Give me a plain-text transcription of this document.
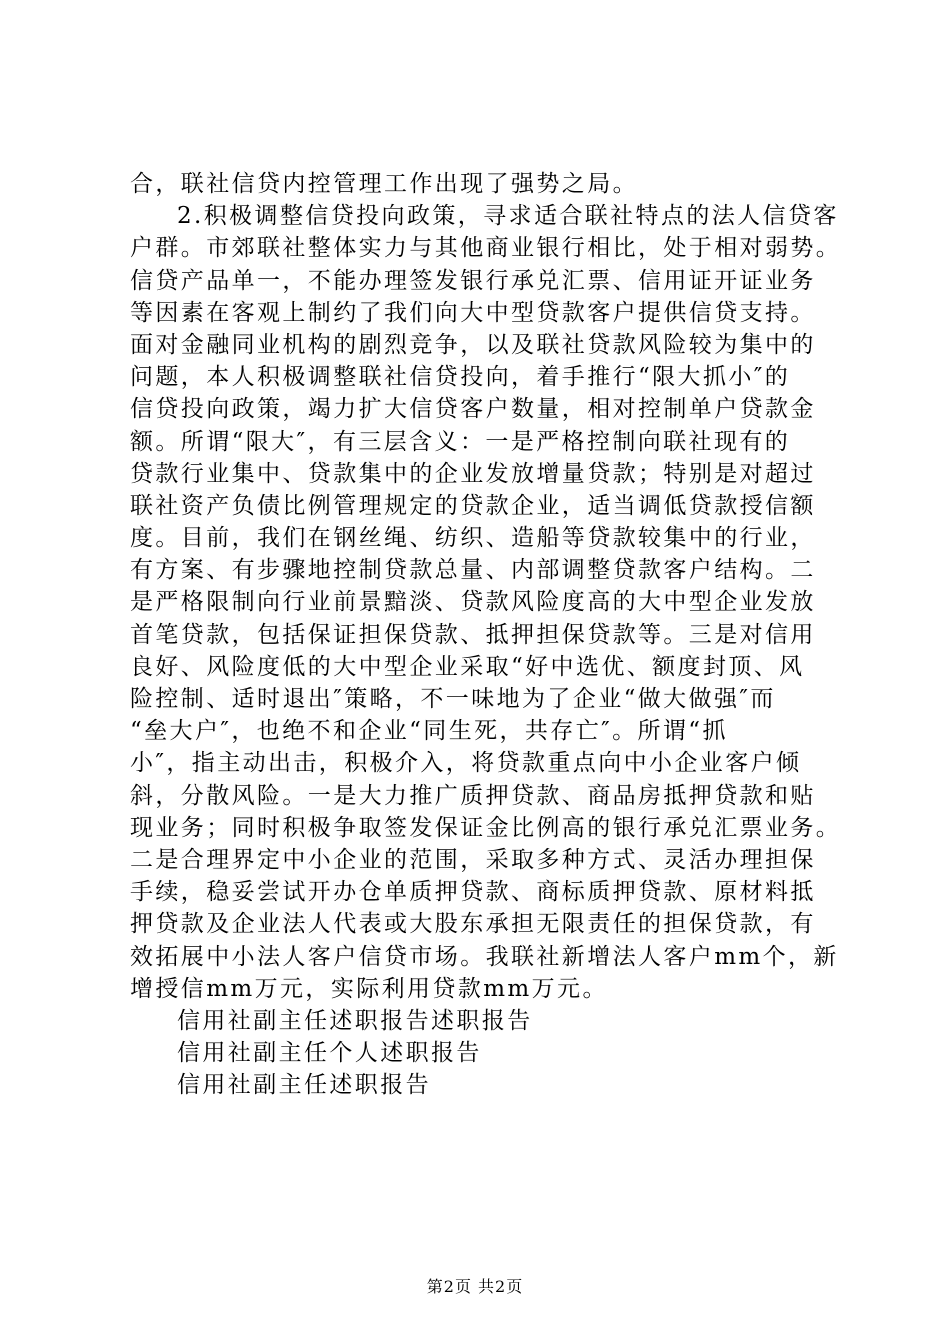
合，联社信贷内控管理工作出现了强势之局。
2.积极调整信贷投向政策，寻求适合联社特点的法人信贷客
户群。市郊联社整体实力与其他商业银行相比，处于相对弱势。
信贷产品单一，不能办理签发银行承兑汇票、信用证开证业务
等因素在客观上制约了我们向大中型贷款客户提供信贷支持。
面对金融同业机构的剧烈竞争，以及联社贷款风险较为集中的
问题，本人积极调整联社信贷投向，着手推行“限大抓小″的
信贷投向政策，竭力扩大信贷客户数量，相对控制单户贷款金
额。所谓“限大″，有三层含义：一是严格控制向联社现有的
贷款行业集中、贷款集中的企业发放增量贷款；特别是对超过
联社资产负债比例管理规定的贷款企业，适当调低贷款授信额
度。目前，我们在钢丝绳、纺织、造船等贷款较集中的行业，
有方案、有步骤地控制贷款总量、内部调整贷款客户结构。二
是严格限制向行业前景黯淡、贷款风险度高的大中型企业发放
首笔贷款，包括保证担保贷款、抵押担保贷款等。三是对信用
良好、风险度低的大中型企业采取“好中选优、额度封顶、风
险控制、适时退出″策略，不一味地为了企业“做大做强″而
“垒大户″，也绝不和企业“同生死，共存亡″。所谓“抓
小″，指主动出击，积极介入，将贷款重点向中小企业客户倾
斜，分散风险。一是大力推广质押贷款、商品房抵押贷款和贴
现业务；同时积极争取签发保证金比例高的银行承兑汇票业务。
二是合理界定中小企业的范围，采取多种方式、灵活办理担保
手续，稳妥尝试开办仓单质押贷款、商标质押贷款、原材料抵
押贷款及企业法人代表或大股东承担无限责任的担保贷款，有
效拓展中小法人客户信贷市场。我联社新增法人客户mm个，新
增授信mm万元，实际利用贷款mm万元。
信用社副主任述职报告述职报告
信用社副主任个人述职报告
信用社副主任述职报告
第2页 共2页
